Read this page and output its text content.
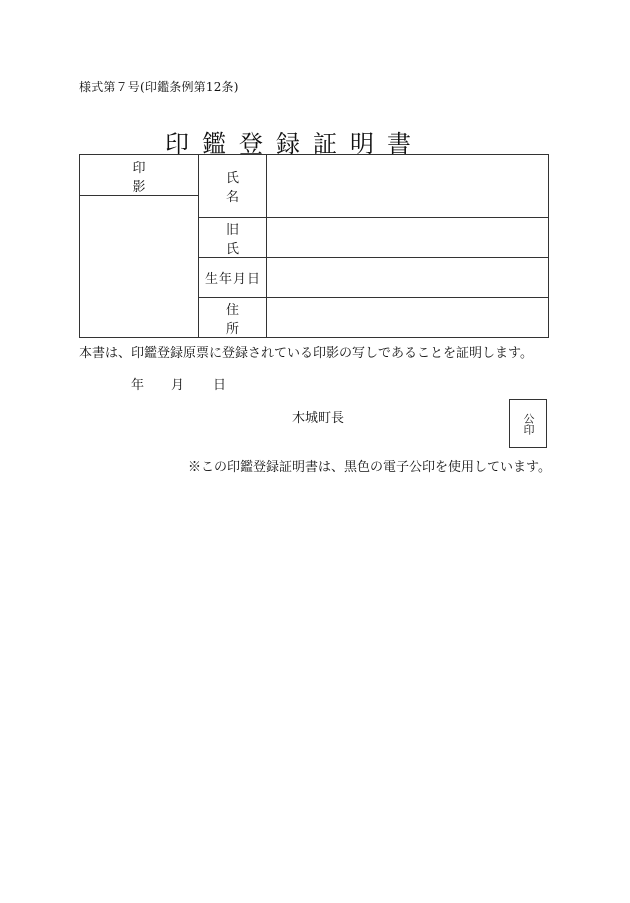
様式第７号(印鑑条例第12条)
印鑑登録証明書
印影	氏　名	

	旧　氏	
	生年月日	
	住　所	
本書は、印鑑登録原票に登録されている印影の写しであることを証明します。
年 月 日
木城町長	公印
※この印鑑登録証明書は、黒色の電子公印を使用しています。
